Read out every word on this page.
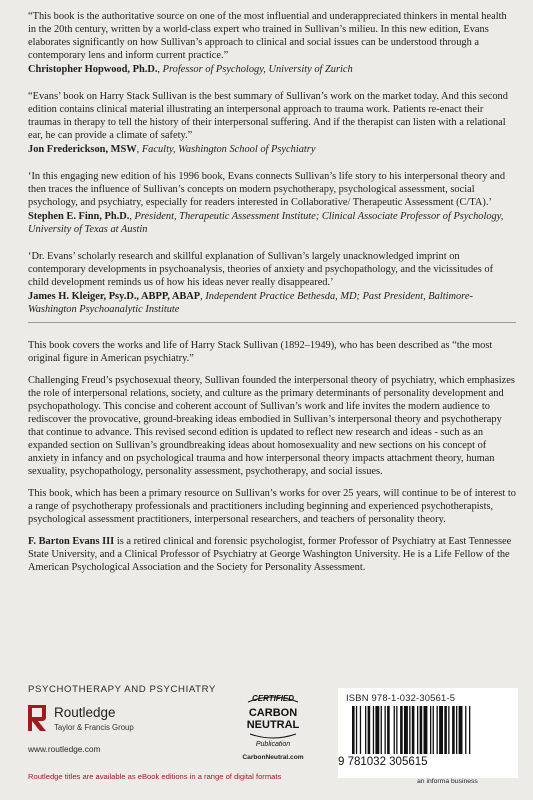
“This book is the authoritative source on one of the most influential and underappreciated thinkers in mental health in the 20th century, written by a world-class expert who trained in Sullivan’s milieu. In this new edition, Evans elaborates significantly on how Sullivan’s approach to clinical and social issues can be understood through a contemporary lens and inform current practice.”

Christopher Hopwood, Ph.D., Professor of Psychology, University of Zurich

“Evans’ book on Harry Stack Sullivan is the best summary of Sullivan’s work on the market today. And this second edition contains clinical material illustrating an interpersonal approach to trauma work. Patients re-enact their traumas in therapy to tell the history of their interpersonal suffering. And if the therapist can listen with a relational ear, he can provide a climate of safety.”

Jon Frederickson, MSW, Faculty, Washington School of Psychiatry

‘In this engaging new edition of his 1996 book, Evans connects Sullivan’s life story to his interpersonal theory and then traces the influence of Sullivan’s concepts on modern psychotherapy, psychological assessment, social psychology, and psychiatry, especially for readers interested in Collaborative/ Therapeutic Assessment (C/TA).’

Stephen E. Finn, Ph.D., President, Therapeutic Assessment Institute; Clinical Associate Professor of Psychology, University of Texas at Austin

‘Dr. Evans’ scholarly research and skillful explanation of Sullivan’s largely unacknowledged imprint on contemporary developments in psychoanalysis, theories of anxiety and psychopathology, and the vicissitudes of child development reminds us of how his ideas never really disappeared.’

James H. Kleiger, Psy.D., ABPP, ABAP, Independent Practice Bethesda, MD; Past President, Baltimore-Washington Psychoanalytic Institute

This book covers the works and life of Harry Stack Sullivan (1892–1949), who has been described as “the most original figure in American psychiatry.”

Challenging Freud’s psychosexual theory, Sullivan founded the interpersonal theory of psychiatry, which emphasizes the role of interpersonal relations, society, and culture as the primary determinants of personality development and psychopathology. This concise and coherent account of Sullivan’s work and life invites the modern audience to rediscover the provocative, ground-breaking ideas embodied in Sullivan’s interpersonal theory and psychotherapy that continue to advance. This revised second edition is updated to reflect new research and ideas - such as an expanded section on Sullivan’s groundbreaking ideas about homosexuality and new sections on his concept of anxiety in infancy and on psychological trauma and how interpersonal theory impacts attachment theory, human sexuality, psychopathology, personality assessment, psychotherapy, and social issues.

This book, which has been a primary resource on Sullivan’s works for over 25 years, will continue to be of interest to a range of psychotherapy professionals and practitioners including beginning and experienced psychotherapists, psychological assessment practitioners, interpersonal researchers, and teachers of personality theory.

F. Barton Evans III is a retired clinical and forensic psychologist, former Professor of Psychiatry at East Tennessee State University, and a Clinical Professor of Psychiatry at George Washington University. He is a Life Fellow of the American Psychological Association and the Society for Personality Assessment.

PSYCHOTHERAPY AND PSYCHIATRY
Routledge
Taylor & Francis Group
www.routledge.com
Routledge titles are available as eBook editions in a range of digital formats
CERTIFIED
CARBON
NEUTRAL
Publication
CarbonNeutral.com
ISBN 978-1-032-30561-5
9 781032 305615
an informa business
